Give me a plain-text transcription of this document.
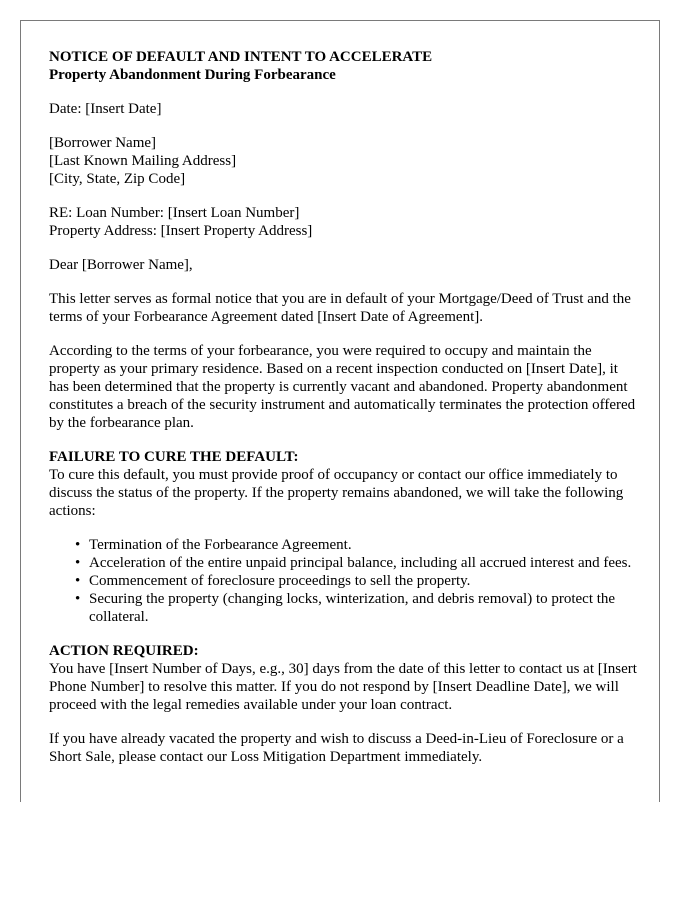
NOTICE OF DEFAULT AND INTENT TO ACCELERATE
Property Abandonment During Forbearance

Date: [Insert Date]

[Borrower Name]
[Last Known Mailing Address]
[City, State, Zip Code]
RE: Loan Number: [Insert Loan Number]
Property Address: [Insert Property Address]

Dear [Borrower Name],

This letter serves as formal notice that you are in default of your Mortgage/Deed of Trust and the terms of your Forbearance Agreement dated [Insert Date of Agreement].

According to the terms of your forbearance, you were required to occupy and maintain the property as your primary residence. Based on a recent inspection conducted on [Insert Date], it has been determined that the property is currently vacant and abandoned. Property abandonment constitutes a breach of the security instrument and automatically terminates the protection offered by the forbearance plan.

FAILURE TO CURE THE DEFAULT:

To cure this default, you must provide proof of occupancy or contact our office immediately to discuss the status of the property. If the property remains abandoned, we will take the following actions:

• Termination of the Forbearance Agreement.
• Acceleration of the entire unpaid principal balance, including all accrued interest and fees.
• Commencement of foreclosure proceedings to sell the property.
• Securing the property (changing locks, winterization, and debris removal) to protect the collateral.
ACTION REQUIRED:

You have [Insert Number of Days, e.g., 30] days from the date of this letter to contact us at [Insert Phone Number] to resolve this matter. If you do not respond by [Insert Deadline Date], we will proceed with the legal remedies available under your loan contract.

If you have already vacated the property and wish to discuss a Deed-in-Lieu of Foreclosure or a Short Sale, please contact our Loss Mitigation Department immediately.
